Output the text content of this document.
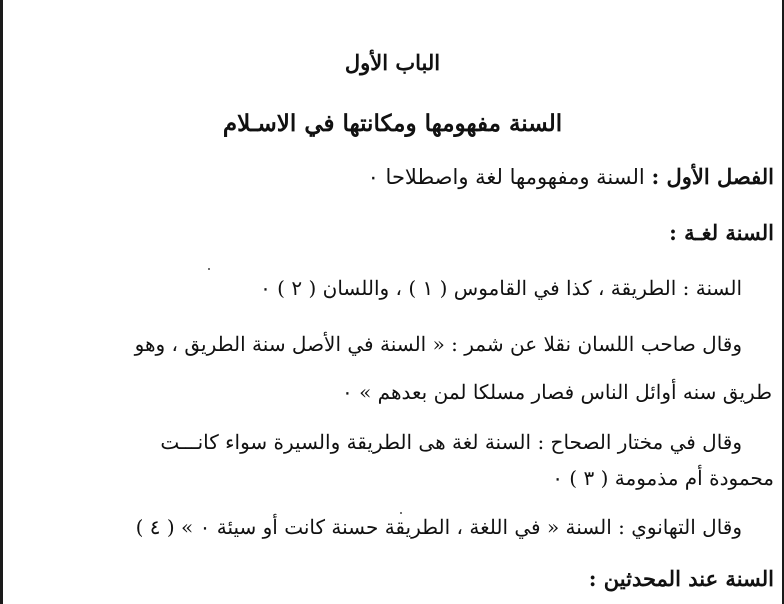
الباب الأول
السنة مفهومها ومكانتها في الاسـلام
الفصل الأول : السنة ومفهومها لغة واصطلاحا ٠
السنة لغـة :
السنة : الطريقة ، كذا في القاموس ( ١ ) ، واللسان ( ٢ ) ٠
وقال صاحب اللسان نقلا عن شمر : « السنة في الأصل سنة الطريق ، وهو
طريق سنه أوائل الناس فصار مسلكا لمن بعدهم » ٠
وقال في مختار الصحاح : السنة لغة هى الطريقة والسيرة سواء كانـــت
محمودة أم مذمومة ( ٣ ) ٠
وقال التهانوي : السنة « في اللغة ، الطريقة حسنة كانت أو سيئة ٠ » ( ٤ )
السنة عند المحدثين :
